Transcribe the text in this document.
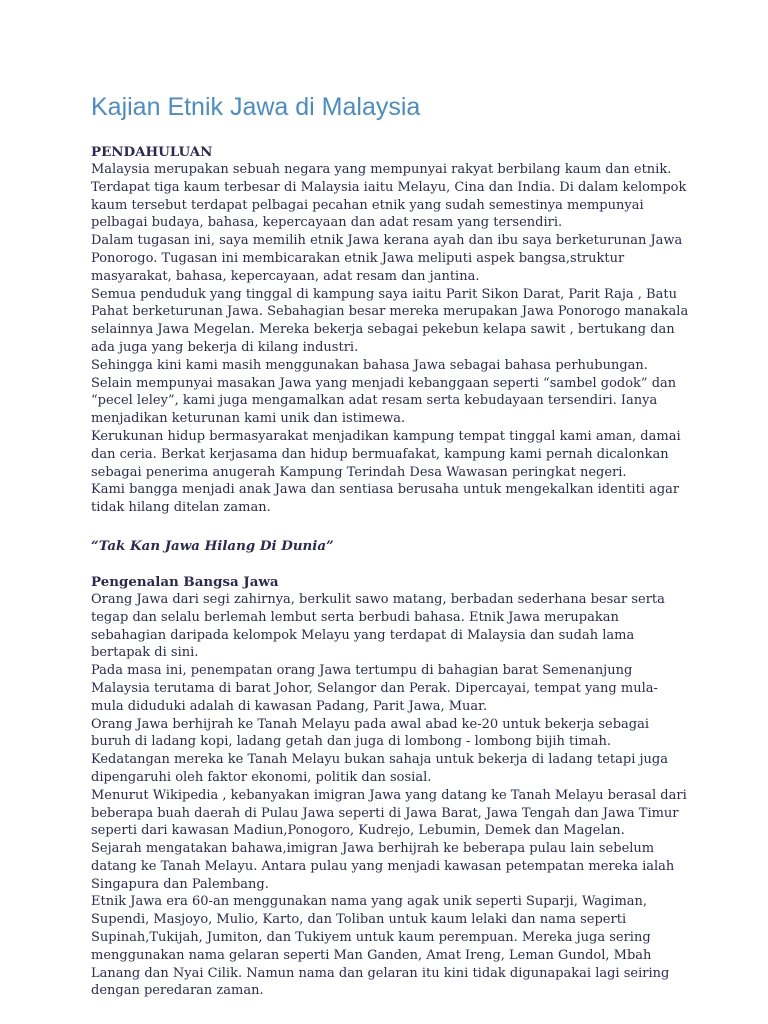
Kajian Etnik Jawa di Malaysia

PENDAHULUAN

Malaysia merupakan sebuah negara yang mempunyai rakyat berbilang kaum dan etnik. Terdapat tiga kaum terbesar di Malaysia iaitu Melayu, Cina dan India. Di dalam kelompok kaum tersebut terdapat pelbagai pecahan etnik yang sudah semestinya mempunyai pelbagai budaya, bahasa, kepercayaan dan adat resam yang tersendiri.

Dalam tugasan ini, saya memilih etnik Jawa kerana ayah dan ibu saya berketurunan Jawa Ponorogo. Tugasan ini membicarakan etnik Jawa meliputi aspek bangsa,struktur masyarakat, bahasa, kepercayaan, adat resam dan jantina.

Semua penduduk yang tinggal di kampung saya iaitu Parit Sikon Darat, Parit Raja , Batu Pahat berketurunan Jawa. Sebahagian besar mereka merupakan Jawa Ponorogo manakala selainnya Jawa Megelan. Mereka bekerja sebagai pekebun kelapa sawit , bertukang dan ada juga yang bekerja di kilang industri.

Sehingga kini kami masih menggunakan bahasa Jawa sebagai bahasa perhubungan. Selain mempunyai masakan Jawa yang menjadi kebanggaan seperti “sambel godok” dan “pecel leley”, kami juga mengamalkan adat resam serta kebudayaan tersendiri. Ianya menjadikan keturunan kami unik dan istimewa.

Kerukunan hidup bermasyarakat menjadikan kampung tempat tinggal kami aman, damai dan ceria. Berkat kerjasama dan hidup bermuafakat, kampung kami pernah dicalonkan sebagai penerima anugerah Kampung Terindah Desa Wawasan peringkat negeri.

Kami bangga menjadi anak Jawa dan sentiasa berusaha untuk mengekalkan identiti agar tidak hilang ditelan zaman.

“Tak Kan Jawa Hilang Di Dunia”

Pengenalan Bangsa Jawa

Orang Jawa dari segi zahirnya, berkulit sawo matang, berbadan sederhana besar serta tegap dan selalu berlemah lembut serta berbudi bahasa. Etnik Jawa merupakan sebahagian daripada kelompok Melayu yang terdapat di Malaysia dan sudah lama bertapak di sini.

Pada masa ini, penempatan orang Jawa tertumpu di bahagian barat Semenanjung Malaysia terutama di barat Johor, Selangor dan Perak. Dipercayai, tempat yang mula- mula diduduki adalah di kawasan Padang, Parit Jawa, Muar.

Orang Jawa berhijrah ke Tanah Melayu pada awal abad ke-20 untuk bekerja sebagai buruh di ladang kopi, ladang getah dan juga di lombong - lombong bijih timah. Kedatangan mereka ke Tanah Melayu bukan sahaja untuk bekerja di ladang tetapi juga dipengaruhi oleh faktor ekonomi, politik dan sosial.

Menurut Wikipedia , kebanyakan imigran Jawa yang datang ke Tanah Melayu berasal dari beberapa buah daerah di Pulau Jawa seperti di Jawa Barat, Jawa Tengah dan Jawa Timur seperti dari kawasan Madiun,Ponogoro, Kudrejo, Lebumin, Demek dan Magelan.

Sejarah mengatakan bahawa,imigran Jawa berhijrah ke beberapa pulau lain sebelum datang ke Tanah Melayu. Antara pulau yang menjadi kawasan petempatan mereka ialah Singapura dan Palembang.

Etnik Jawa era 60-an menggunakan nama yang agak unik seperti Suparji, Wagiman, Supendi, Masjoyo, Mulio, Karto, dan Toliban untuk kaum lelaki dan nama seperti Supinah,Tukijah, Jumiton, dan Tukiyem untuk kaum perempuan. Mereka juga sering menggunakan nama gelaran seperti Man Ganden, Amat Ireng, Leman Gundol, Mbah Lanang dan Nyai Cilik. Namun nama dan gelaran itu kini tidak digunapakai lagi seiring dengan peredaran zaman.
